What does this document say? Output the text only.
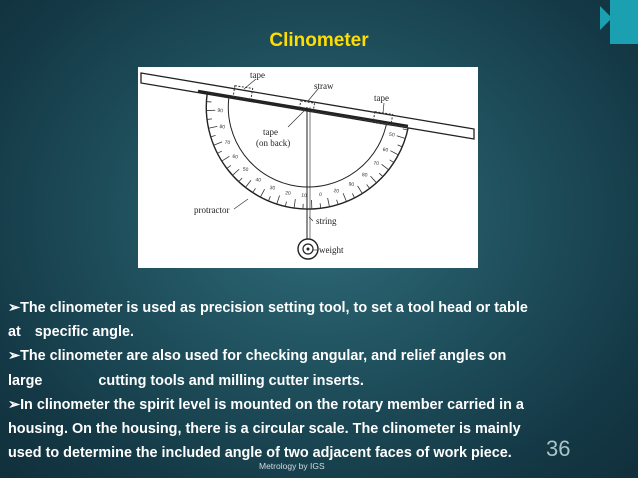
Clinometer
50
60
70
80
90
20
0
10
20
30
40
50
60
70
80
90
tape
straw
tape
tape
(on back)
protractor
string
weight

➢The clinometer is used as precision setting tool, to set a tool head or table
at specific angle.

➢The clinometer are also used for checking angular, and relief angles on
large	cutting tools and milling cutter inserts.

➢In clinometer the spirit level is mounted on the rotary member carried in a
housing. On the housing, there is a circular scale. The clinometer is mainly
used to determine the included angle of two adjacent faces of work piece.

Metrology by IGS
36
